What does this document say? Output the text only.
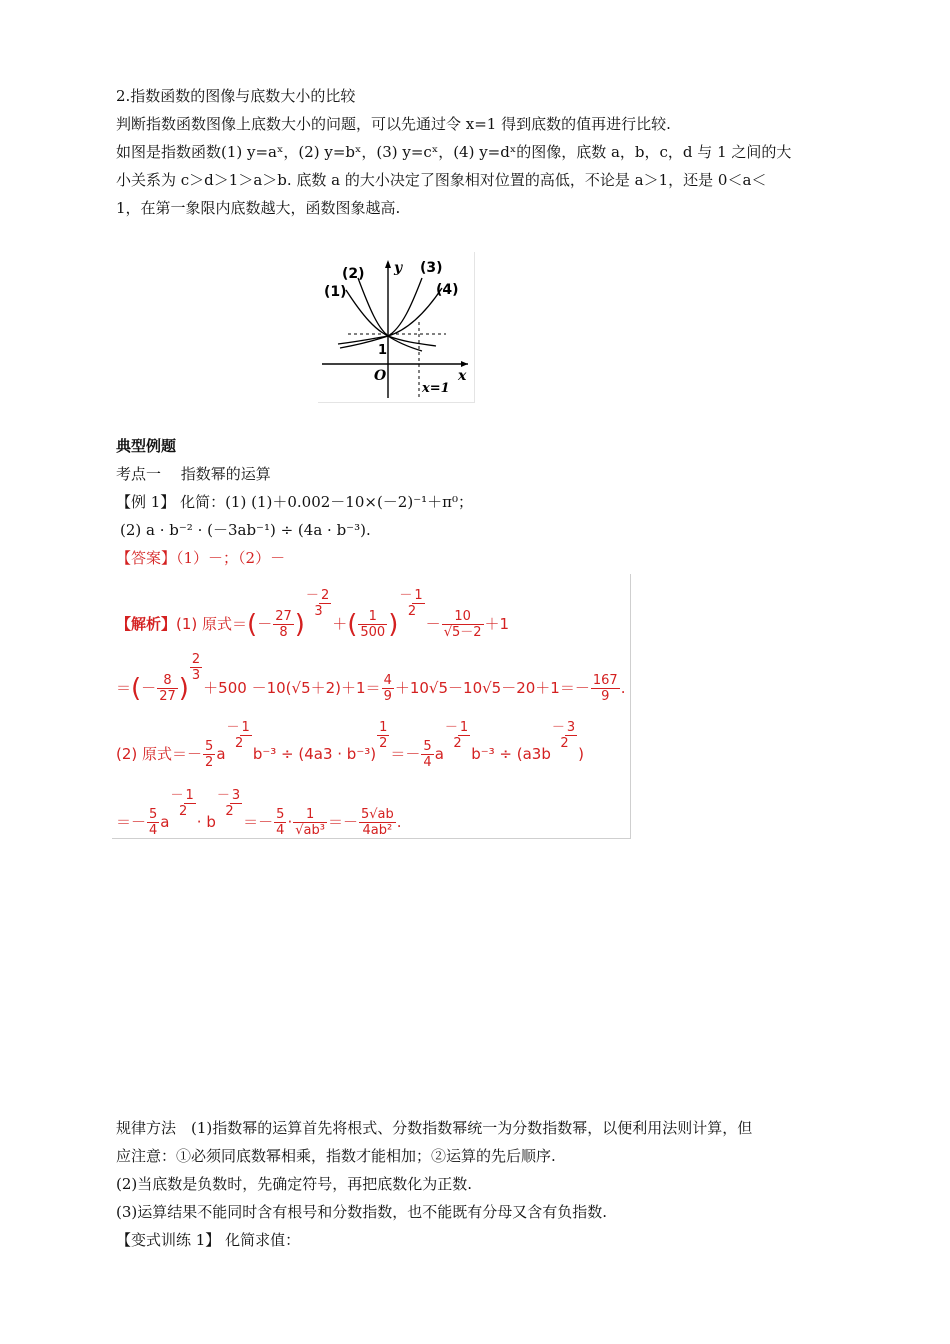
2.指数函数的图像与底数大小的比较
判断指数函数图像上底数大小的问题，可以先通过令 x=1 得到底数的值再进行比较.
如图是指数函数(1) y=aˣ，(2) y=bˣ，(3) y=cˣ，(4) y=dˣ的图像，底数 a，b，c，d 与 1 之间的大
小关系为 c＞d＞1＞a＞b. 底数 a 的大小决定了图象相对位置的高低，不论是 a＞1，还是 0＜a＜
1，在第一象限内底数越大，函数图象越高.
(1)
(2)	(3)
(4)
y
x
O
1
x=1
典型例题
考点一　 指数幂的运算
【例 1】 化简：(1) (1)＋0.002－10×(－2)⁻¹＋π⁰；
(2) a · b⁻² · (－3ab⁻¹) ÷ (4a · b⁻³).
【答案】（1）－；（2）－
【解析】(1) 原式＝(－ $\frac{27}{8}$ )－ 2
3
＋( $\frac{1}{500}$ )－ 1
2
－ $\frac{10}{√5-2} +1$
＝(－ $\frac{8}{27}$ )
$\frac{2}{3}$
$+500 -10(√5+2)+1= \frac{4}{9} +10√5-10√5-20+1=- \frac{167}{9}$ .
(2) 原式＝－ $\frac{5}{2} a- 1$
2
b⁻³ ÷ (4a3 · b⁻³)
$\frac{1}{2}$
＝－ $\frac{5}{4} a- 1$
2
b⁻³ ÷ (a3b－ 3
2
)
＝－ $\frac{5}{4} a- 1$
2
· b－ 3
2
＝－ $\frac{5}{4} \cdot \frac{1}{\text{√ab³}} =- \frac{5√ab}{\text{4ab²}}$ .
规律方法　(1)指数幂的运算首先将根式、分数指数幂统一为分数指数幂，以便利用法则计算，但
应注意：①必须同底数幂相乘，指数才能相加；②运算的先后顺序.
(2)当底数是负数时，先确定符号，再把底数化为正数.
(3)运算结果不能同时含有根号和分数指数，也不能既有分母又含有负指数.
【变式训练 1】 化简求值：
